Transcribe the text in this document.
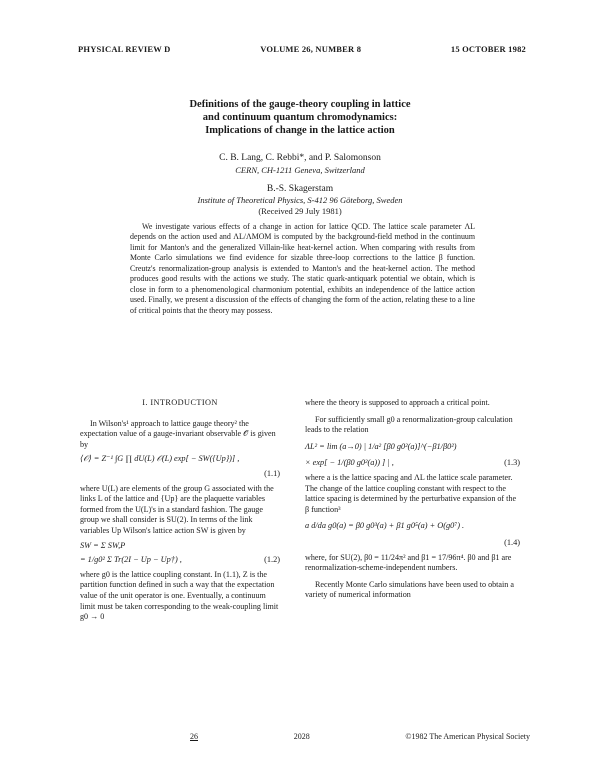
PHYSICAL REVIEW D	VOLUME 26, NUMBER 8	15 OCTOBER 1982
Definitions of the gauge-theory coupling in lattice
and continuum quantum chromodynamics:
Implications of change in the lattice action
C. B. Lang, C. Rebbi*, and P. Salomonson
CERN, CH-1211 Geneva, Switzerland
B.-S. Skagerstam
Institute of Theoretical Physics, S-412 96 Göteborg, Sweden
(Received 29 July 1981)

We investigate various effects of a change in action for lattice QCD. The lattice scale parameter ΛL depends on the action used and ΛL/ΛMOM is computed by the background-field method in the continuum limit for Manton's and the generalized Villain-like heat-kernel action. When comparing with results from Monte Carlo simulations we find evidence for sizable three-loop corrections to the lattice β function. Creutz's renormalization-group analysis is extended to Manton's and the heat-kernel action. The method produces good results with the actions we study. The static quark-antiquark potential we obtain, which is close in form to a phenomenological charmonium potential, exhibits an independence of the lattice action used. Finally, we present a discussion of the effects of changing the form of the action, relating these to a line of critical points that the theory may possess.

I. INTRODUCTION

In Wilson's¹ approach to lattice gauge theory² the expectation value of a gauge-invariant observable 𝒪 is given by

⟨𝒪⟩ = Z⁻¹ ∫G ∏ dU(L) 𝒪(L) exp[ − SW({Up})] ,
(1.1)

where U(L) are elements of the group G associated with the links L of the lattice and {Up} are the plaquette variables formed from the U(L)'s in a standard fashion. The gauge group we shall consider is SU(2). In terms of the link variables Up Wilson's lattice action SW is given by

SW = Σ SW,P
= 1/g0² Σ Tr(2I − Up − Up†) ,	(1.2)

where g0 is the lattice coupling constant. In (1.1), Z is the partition function defined in such a way that the expectation value of the unit operator is one. Eventually, a continuum limit must be taken corresponding to the weak-coupling limit g0 → 0

where the theory is supposed to approach a critical point.

For sufficiently small g0 a renormalization-group calculation leads to the relation

ΛL² = lim (a→0) | 1/a² [β0 g0²(a)]^(−β1/β0²)
× exp[ − 1/(β0 g0²(a)) ] | ,	(1.3)

where a is the lattice spacing and ΛL the lattice scale parameter. The change of the lattice coupling constant with respect to the lattice spacing is determined by the perturbative expansion of the β function³

a d/da g0(a) = β0 g0³(a) + β1 g0⁵(a) + O(g0⁷) .
(1.4)

where, for SU(2), β0 = 11/24π² and β1 = 17/96π⁴. β0 and β1 are renormalization-scheme-independent numbers.

Recently Monte Carlo simulations have been used to obtain a variety of numerical information

26	2028	©1982 The American Physical Society
